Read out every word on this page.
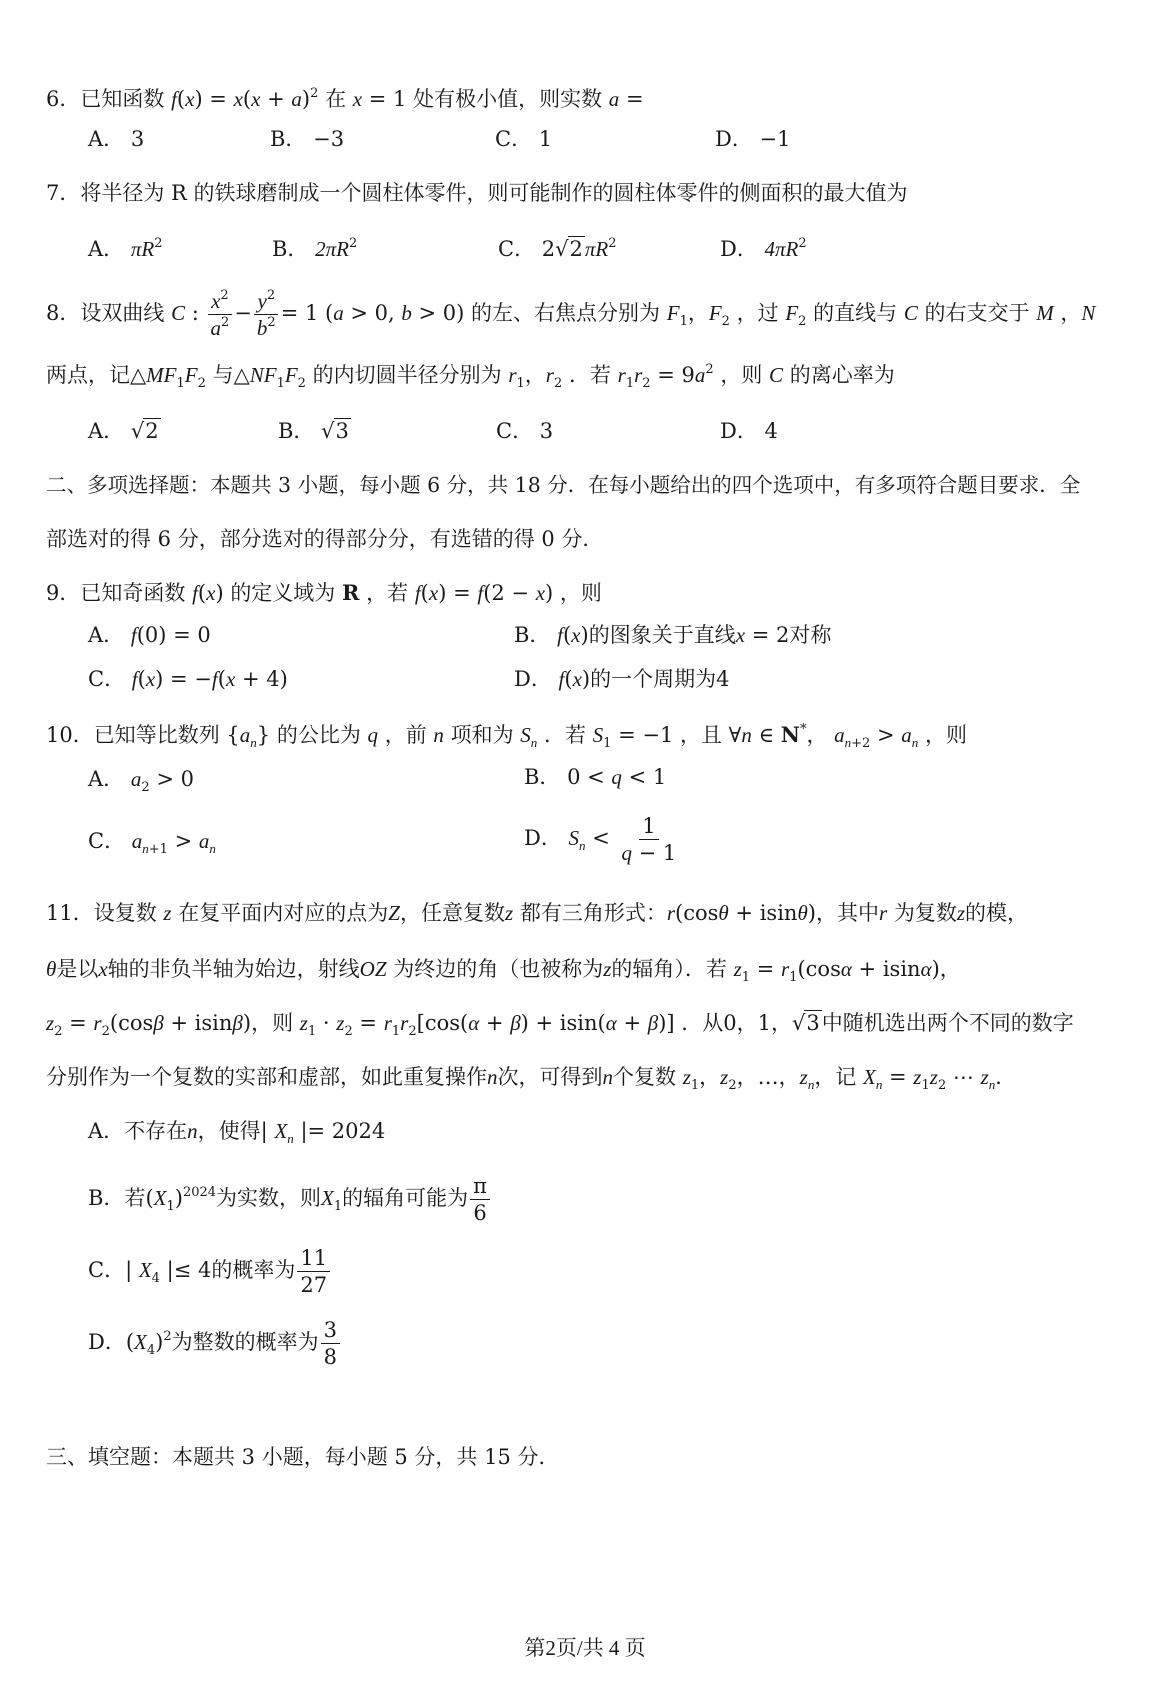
6．已知函数 $f(x) = x(x + a)^2$ 在 x = 1 处有极小值，则实数 a =
A． 3	B． −3	C． 1	D． −1
7．将半径为 R 的铁球磨制成一个圆柱体零件，则可能制作的圆柱体零件的侧面积的最大值为
A． $\pi R^2$	B． $2\pi R^2$	C． $2√2\pi R^2$	D． $4\pi R^2$
8．设双曲线 C : $\frac{x^2}{a^2} - \frac{y^2}{b^2} = 1$ (a > 0, b > 0) 的左、右焦点分别为 $F_1$，$F_2$ ，过 $F_2$ 的直线与 C 的右支交于 M ，N
两点，记$\triangle MF_1F_2$ 与$\triangle NF_1F_2$ 的内切圆半径分别为 $r_1$，$r_2$ ．若 $r_1r_2 = 9a^2$ ，则 C 的离心率为
A． √2	B． √3	C． 3	D． 4
二、多项选择题：本题共 3 小题，每小题 6 分，共 18 分．在每小题给出的四个选项中，有多项符合题目要求．全
部选对的得 6 分，部分选对的得部分分，有选错的得 0 分．
9．已知奇函数 f(x) 的定义域为 R ，若 f(x) = f(2 − x) ，则
A． f(0) = 0	B． f(x)的图象关于直线x = 2对称
C． f(x) = −f(x + 4)	D． f(x)的一个周期为4
10．已知等比数列 $\{a_n\}$ 的公比为 q ，前 n 项和为 $S_n$ ．若 $S_1 = -1$ ，且 ∀n ∈ N*， $a_{n+2} > a_n$ ，则
A． $a_2 > 0$	B． 0 < q < 1
C． $a_{n+1} > a_n$	D． $S_n < \frac{1}{q - 1}$
11．设复数 z 在复平面内对应的点为Z，任意复数z 都有三角形式：r(cosθ + isinθ)，其中r 为复数z的模，
θ是以x轴的非负半轴为始边，射线OZ 为终边的角（也被称为z的辐角）．若 $z_1 = r_1(\cos\alpha + isin\alpha)$，
$z_2 = r_2(\cos\beta + isin\beta)$，则 $z_1 \cdot z_2 = r_1r_2[\cos(\alpha + \beta) + isin(\alpha + \beta)]$ ．从0，1，√3中随机选出两个不同的数字
分别作为一个复数的实部和虚部，如此重复操作n次，可得到n个复数 $z_1$，$z_2$，…，$z_n$，记 $X_n = z_1z_2$ ⋯ $z_n$．
A．不存在n，使得| $X_n$ |= 2024
B．若$(X_1)^{2024}$为实数，则$X_1$的辐角可能为 $\frac{\pi}{6}$
C．| $X_4$ |≤ 4的概率为 $\frac{11}{27}$
D．$(X_4)^2$为整数的概率为 $\frac{3}{8}$
三、填空题：本题共 3 小题，每小题 5 分，共 15 分．
第2页/共 4 页
